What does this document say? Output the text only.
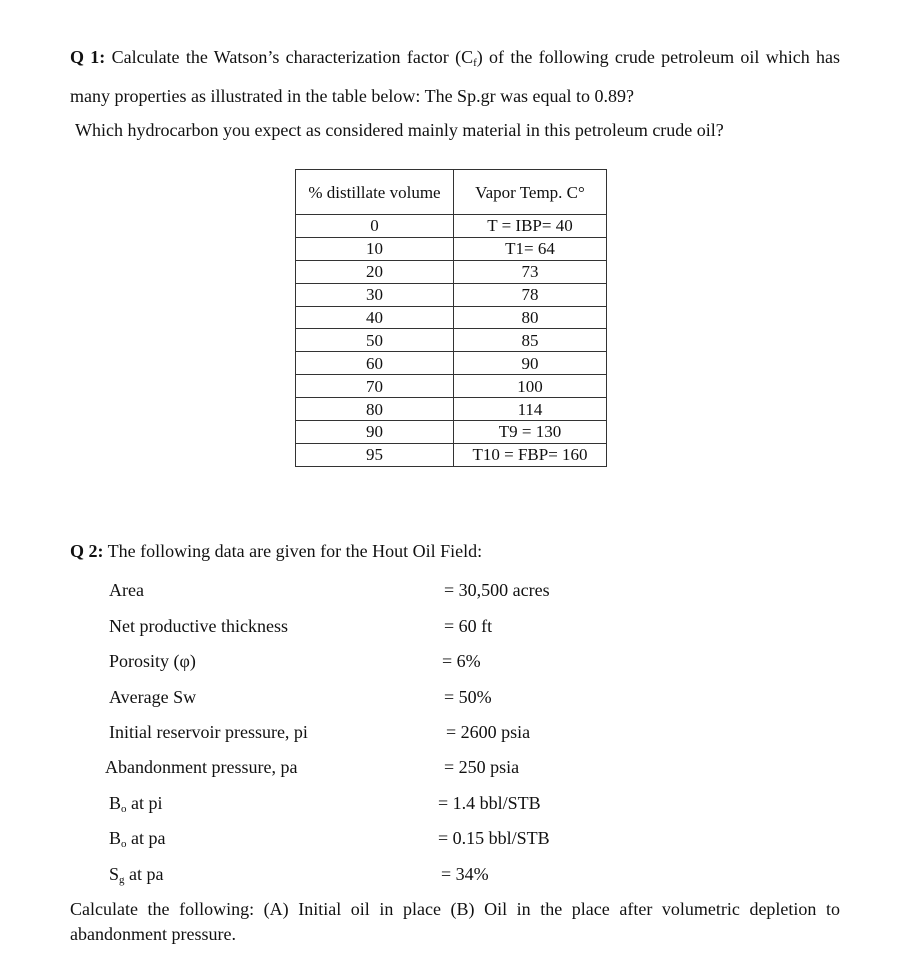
Q 1: Calculate the Watson’s characterization factor $(C_f)$ of the following crude petroleum oil which has many properties as illustrated in the table below: The Sp.gr was equal to 0.89?
Which hydrocarbon you expect as considered mainly material in this petroleum crude oil?
% distillate volume	Vapor Temp. C°
0	T = IBP= 40
10	T1= 64
20	73
30	78
40	80
50	85
60	90
70	100
80	114
90	T9 = 130
95	T10 = FBP= 160
Q 2: The following data are given for the Hout Oil Field:
Area	= 30,500 acres
Net productive thickness	= 60 ft
Porosity (φ)	= 6%
Average Sw	= 50%
Initial reservoir pressure, pi	= 2600 psia
Abandonment pressure, pa	= 250 psia
$B_o$ at pi	= 1.4 bbl/STB
$B_o$ at pa	= 0.15 bbl/STB
$S_g$ at pa	= 34%
Calculate the following: (A) Initial oil in place (B) Oil in the place after volumetric depletion to abandonment pressure.
